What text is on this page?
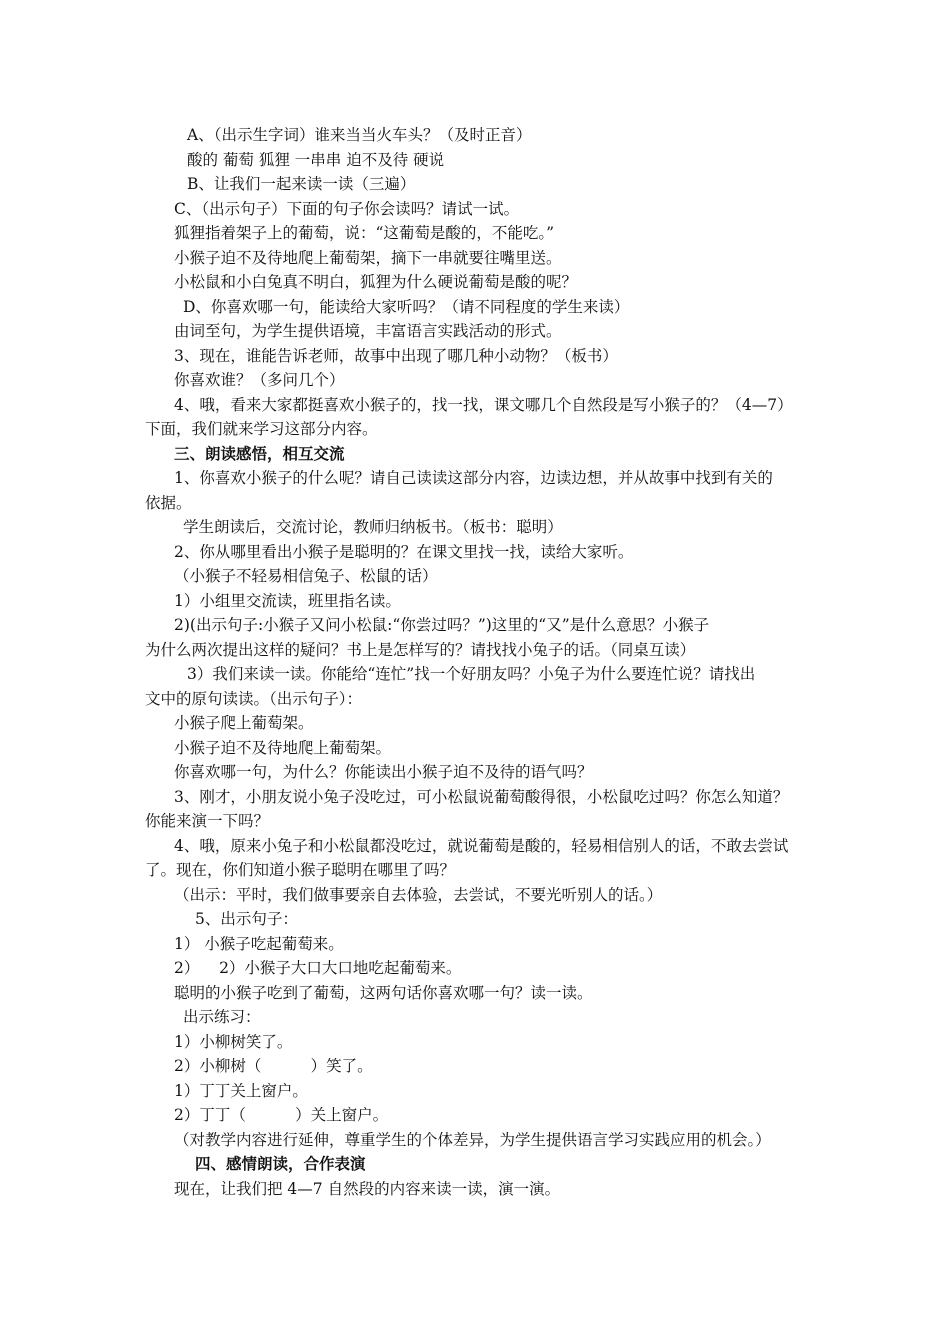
A、（出示生字词）谁来当当火车头？（及时正音）
酸的 葡萄 狐狸 一串串 迫不及待 硬说
B、让我们一起来读一读（三遍）
C、（出示句子）下面的句子你会读吗？请试一试。
狐狸指着架子上的葡萄，说：“这葡萄是酸的，不能吃。”
小猴子迫不及待地爬上葡萄架，摘下一串就要往嘴里送。
小松鼠和小白兔真不明白，狐狸为什么硬说葡萄是酸的呢？
D、你喜欢哪一句，能读给大家听吗？（请不同程度的学生来读）
由词至句，为学生提供语境，丰富语言实践活动的形式。
3、现在，谁能告诉老师，故事中出现了哪几种小动物？（板书）
你喜欢谁？（多问几个）
4、哦，看来大家都挺喜欢小猴子的，找一找，课文哪几个自然段是写小猴子的？（4—7）
下面，我们就来学习这部分内容。
三、朗读感悟，相互交流
1、你喜欢小猴子的什么呢？请自己读读这部分内容，边读边想，并从故事中找到有关的
依据。
学生朗读后，交流讨论，教师归纳板书。（板书：聪明）
2、你从哪里看出小猴子是聪明的？在课文里找一找，读给大家听。
（小猴子不轻易相信兔子、松鼠的话）
1）小组里交流读，班里指名读。
2)(出示句子:小猴子又问小松鼠:“你尝过吗？”)这里的“又”是什么意思？小猴子
为什么两次提出这样的疑问？书上是怎样写的？请找找小兔子的话。（同桌互读）
3）我们来读一读。你能给“连忙”找一个好朋友吗？小兔子为什么要连忙说？请找出
文中的原句读读。（出示句子）：
小猴子爬上葡萄架。
小猴子迫不及待地爬上葡萄架。
你喜欢哪一句，为什么？你能读出小猴子迫不及待的语气吗？
3、刚才，小朋友说小兔子没吃过，可小松鼠说葡萄酸得很，小松鼠吃过吗？你怎么知道？
你能来演一下吗？
4、哦，原来小兔子和小松鼠都没吃过，就说葡萄是酸的，轻易相信别人的话，不敢去尝试
了。现在，你们知道小猴子聪明在哪里了吗？
（出示：平时，我们做事要亲自去体验，去尝试，不要光听别人的话。）
5、出示句子：
1） 小猴子吃起葡萄来。
2）    2）小猴子大口大口地吃起葡萄来。
聪明的小猴子吃到了葡萄，这两句话你喜欢哪一句？读一读。
出示练习：
1）小柳树笑了。
2）小柳树（          ）笑了。
1）丁丁关上窗户。
2）丁丁（          ）关上窗户。
（对教学内容进行延伸，尊重学生的个体差异，为学生提供语言学习实践应用的机会。）
四、感情朗读，合作表演
现在，让我们把 4—7 自然段的内容来读一读，演一演。
